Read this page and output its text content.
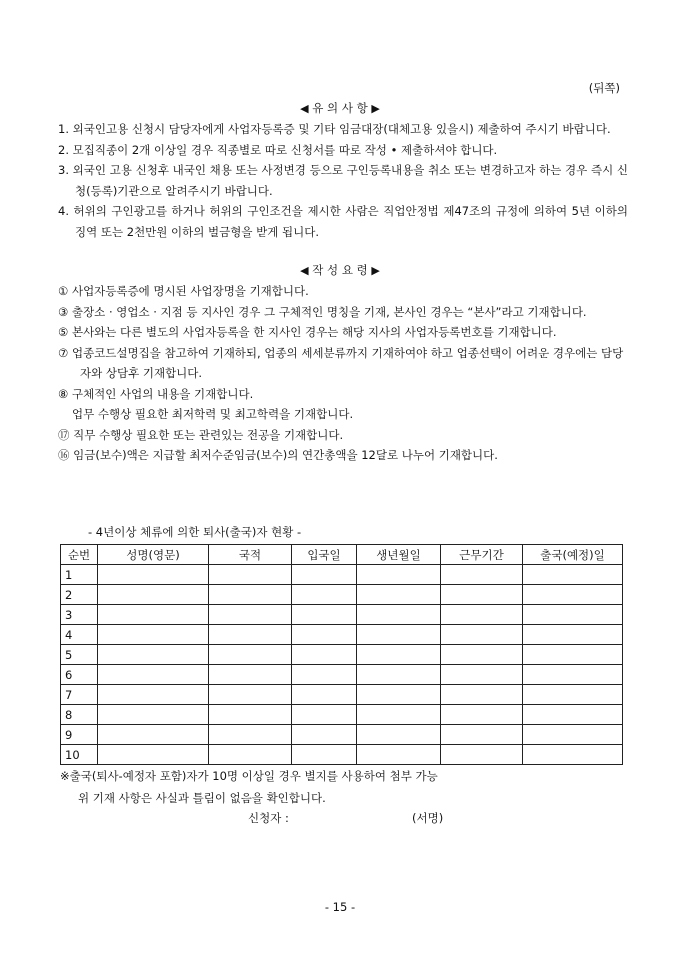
(뒤쪽)
◀ 유 의 사 항 ▶
1. 외국인고용 신청시 담당자에게 사업자등록증 및 기타 임금대장(대체고용 있을시) 제출하여 주시기 바랍니다.
2. 모집직종이 2개 이상일 경우 직종별로 따로 신청서를 따로 작성 • 제출하셔야 합니다.
3. 외국인 고용 신청후 내국인 채용 또는 사정변경 등으로 구인등록내용을 취소 또는 변경하고자 하는 경우 즉시 신청(등록)기관으로 알려주시기 바랍니다.
4. 허위의 구인광고를 하거나 허위의 구인조건을 제시한 사람은 직업안정법 제47조의 규정에 의하여 5년 이하의 징역 또는 2천만원 이하의 벌금형을 받게 됩니다.
◀ 작 성 요 령 ▶
① 사업자등록증에 명시된 사업장명을 기재합니다.
③ 출장소 · 영업소 · 지점 등 지사인 경우 그 구체적인 명칭을 기재, 본사인 경우는 “본사”라고 기재합니다.
⑤ 본사와는 다른 별도의 사업자등록을 한 지사인 경우는 해당 지사의 사업자등록번호를 기재합니다.
⑦ 업종코드설명집을 참고하여 기재하되, 업종의 세세분류까지 기재하여야 하고 업종선택이 어려운 경우에는 담당자와 상담후 기재합니다.
⑧ 구체적인 사업의 내용을 기재합니다.
업무 수행상 필요한 최저학력 및 최고학력을 기재합니다.
⑰ 직무 수행상 필요한 또는 관련있는 전공을 기재합니다.
⑯ 임금(보수)액은 지급할 최저수준임금(보수)의 연간총액을 12달로 나누어 기재합니다.
- 4년이상 체류에 의한 퇴사(출국)자 현황 -
순번	성명(영문)	국적	입국일	생년월일	근무기간	출국(예정)일
1						
2						
3						
4						
5						
6						
7						
8						
9						
10						
※출국(퇴사-예정자 포함)자가 10명 이상일 경우 별지를 사용하여 첨부 가능
위 기재 사항은 사실과 틀림이 없음을 확인합니다.
신청자 :	(서명)
- 15 -
